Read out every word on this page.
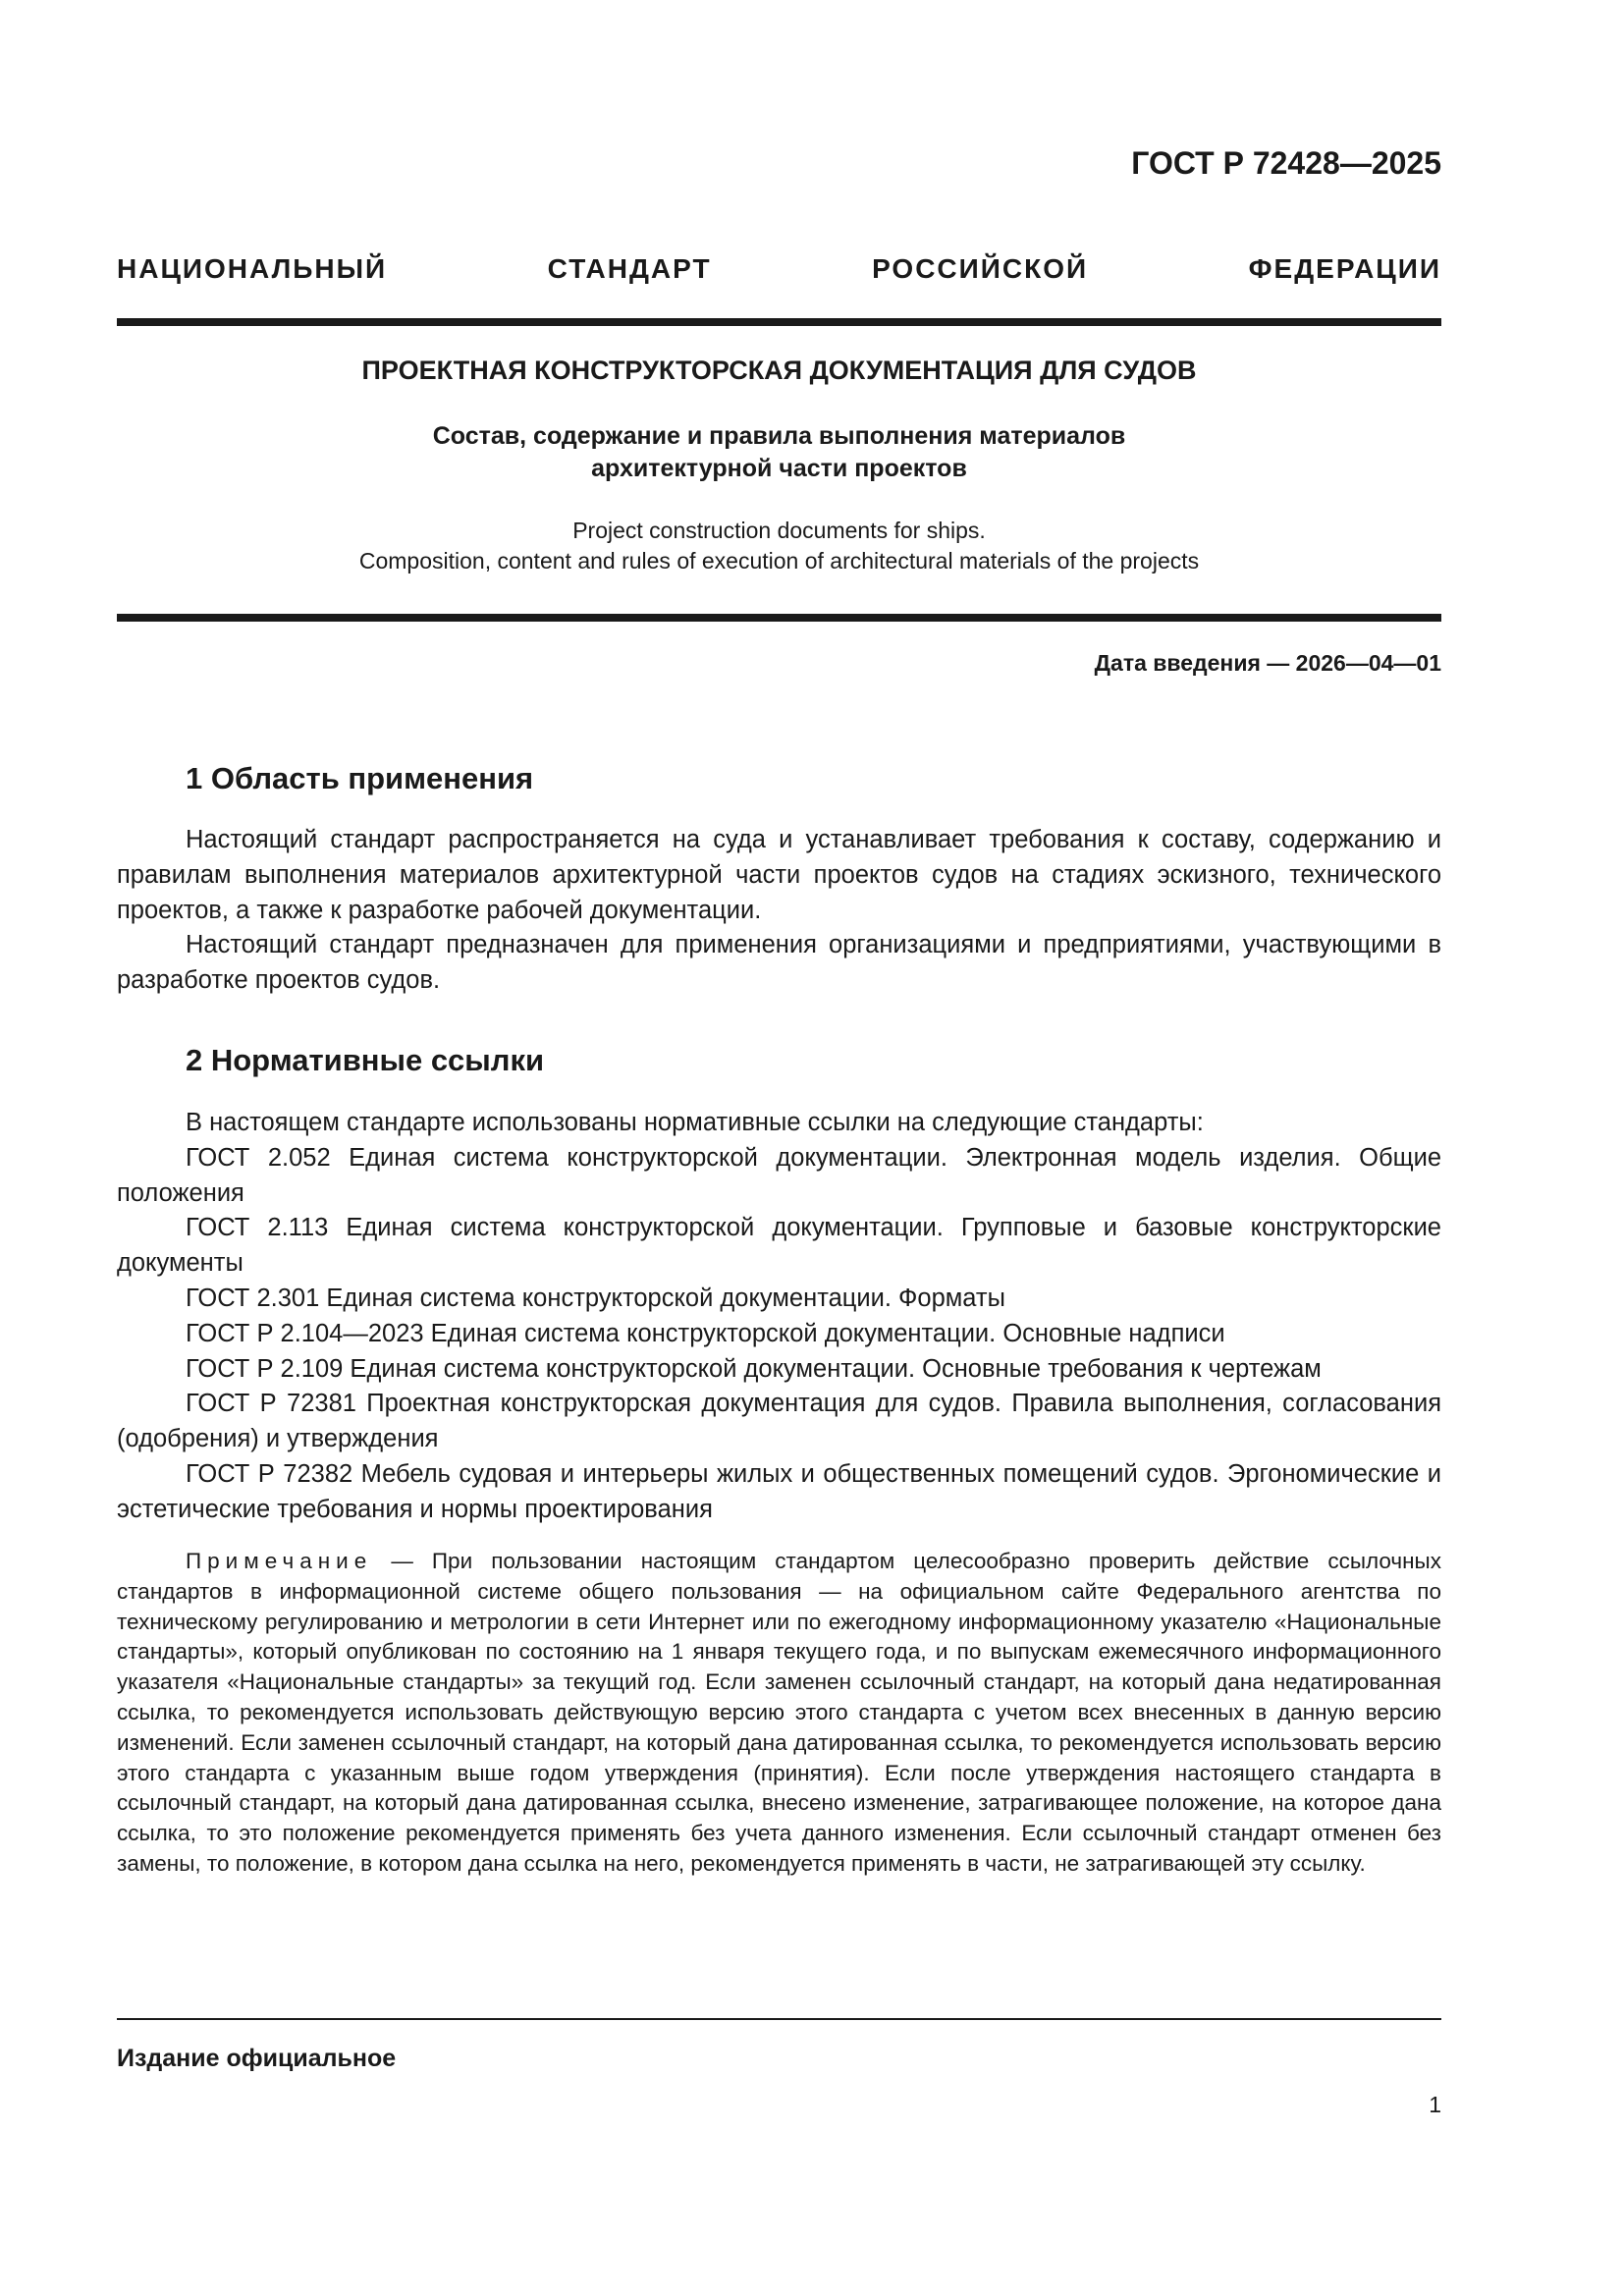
ГОСТ Р 72428—2025
НАЦИОНАЛЬНЫЙ СТАНДАРТ РОССИЙСКОЙ ФЕДЕРАЦИИ
ПРОЕКТНАЯ КОНСТРУКТОРСКАЯ ДОКУМЕНТАЦИЯ ДЛЯ СУДОВ
Состав, содержание и правила выполнения материалов
архитектурной части проектов
Project construction documents for ships.
Composition, content and rules of execution of architectural materials of the projects
Дата введения — 2026—04—01
1 Область применения

Настоящий стандарт распространяется на суда и устанавливает требования к составу, содержанию и правилам выполнения материалов архитектурной части проектов судов на стадиях эскизного, технического проектов, а также к разработке рабочей документации.

Настоящий стандарт предназначен для применения организациями и предприятиями, участвующими в разработке проектов судов.

2 Нормативные ссылки

В настоящем стандарте использованы нормативные ссылки на следующие стандарты:

ГОСТ 2.052 Единая система конструкторской документации. Электронная модель изделия. Общие положения

ГОСТ 2.113 Единая система конструкторской документации. Групповые и базовые конструкторские документы

ГОСТ 2.301 Единая система конструкторской документации. Форматы

ГОСТ Р 2.104—2023 Единая система конструкторской документации. Основные надписи

ГОСТ Р 2.109 Единая система конструкторской документации. Основные требования к чертежам

ГОСТ Р 72381 Проектная конструкторская документация для судов. Правила выполнения, согласования (одобрения) и утверждения

ГОСТ Р 72382 Мебель судовая и интерьеры жилых и общественных помещений судов. Эргономические и эстетические требования и нормы проектирования

Примечание — При пользовании настоящим стандартом целесообразно проверить действие ссылочных стандартов в информационной системе общего пользования — на официальном сайте Федерального агентства по техническому регулированию и метрологии в сети Интернет или по ежегодному информационному указателю «Национальные стандарты», который опубликован по состоянию на 1 января текущего года, и по выпускам ежемесячного информационного указателя «Национальные стандарты» за текущий год. Если заменен ссылочный стандарт, на который дана недатированная ссылка, то рекомендуется использовать действующую версию этого стандарта с учетом всех внесенных в данную версию изменений. Если заменен ссылочный стандарт, на который дана датированная ссылка, то рекомендуется использовать версию этого стандарта с указанным выше годом утверждения (принятия). Если после утверждения настоящего стандарта в ссылочный стандарт, на который дана датированная ссылка, внесено изменение, затрагивающее положение, на которое дана ссылка, то это положение рекомендуется применять без учета данного изменения. Если ссылочный стандарт отменен без замены, то положение, в котором дана ссылка на него, рекомендуется применять в части, не затрагивающей эту ссылку.
Издание официальное
1
